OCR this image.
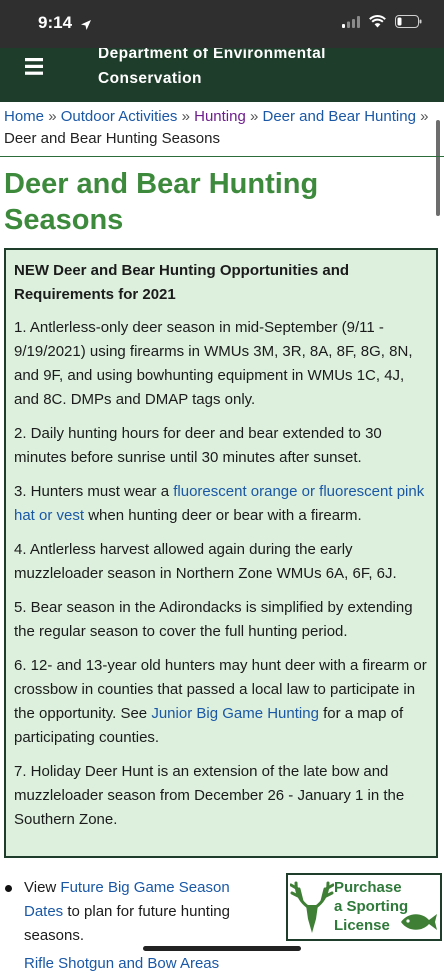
9:14
Department of Environmental
Conservation
Home » Outdoor Activities » Hunting » Deer and Bear Hunting » Deer and Bear Hunting Seasons
Deer and Bear Hunting Seasons
NEW Deer and Bear Hunting Opportunities and Requirements for 2021

1. Antlerless-only deer season in mid-September (9/11 - 9/19/2021) using firearms in WMUs 3M, 3R, 8A, 8F, 8G, 8N, and 9F, and using bowhunting equipment in WMUs 1C, 4J, and 8C. DMPs and DMAP tags only.

2. Daily hunting hours for deer and bear extended to 30 minutes before sunrise until 30 minutes after sunset.

3. Hunters must wear a fluorescent orange or fluorescent pink hat or vest when hunting deer or bear with a firearm.

4. Antlerless harvest allowed again during the early muzzleloader season in Northern Zone WMUs 6A, 6F, 6J.

5. Bear season in the Adirondacks is simplified by extending the regular season to cover the full hunting period.

6. 12- and 13-year old hunters may hunt deer with a firearm or crossbow in counties that passed a local law to participate in the opportunity. See Junior Big Game Hunting for a map of participating counties.

7. Holiday Deer Hunt is an extension of the late bow and muzzleloader season from December 26 - January 1 in the Southern Zone.

View Future Big Game Season Dates to plan for future hunting seasons.
Rifle Shotgun and Bow Areas
Purchase a Sporting License
